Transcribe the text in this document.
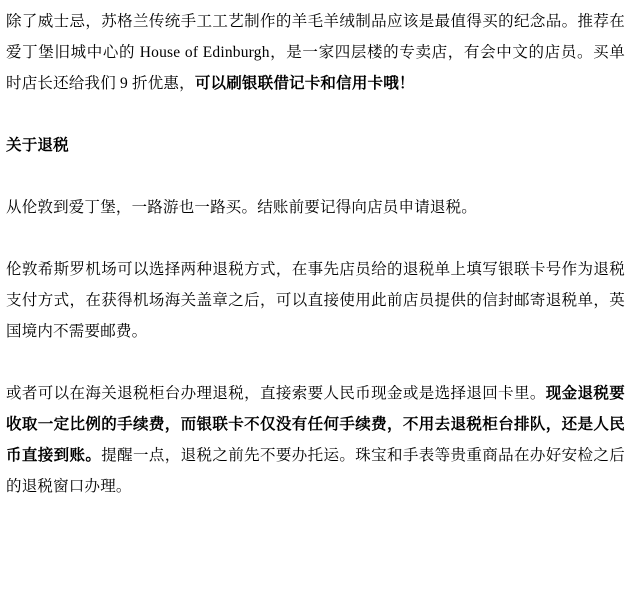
除了威士忌，苏格兰传统手工工艺制作的羊毛羊绒制品应该是最值得买的纪念品。推荐在爱丁堡旧城中心的 House of Edinburgh，是一家四层楼的专卖店，有会中文的店员。买单时店长还给我们 9 折优惠，可以刷银联借记卡和信用卡哦！

关于退税

从伦敦到爱丁堡，一路游也一路买。结账前要记得向店员申请退税。

伦敦希斯罗机场可以选择两种退税方式，在事先店员给的退税单上填写银联卡号作为退税支付方式，在获得机场海关盖章之后，可以直接使用此前店员提供的信封邮寄退税单，英国境内不需要邮费。

或者可以在海关退税柜台办理退税，直接索要人民币现金或是选择退回卡里。现金退税要收取一定比例的手续费，而银联卡不仅没有任何手续费，不用去退税柜台排队，还是人民币直接到账。提醒一点，退税之前先不要办托运。珠宝和手表等贵重商品在办好安检之后的退税窗口办理。
